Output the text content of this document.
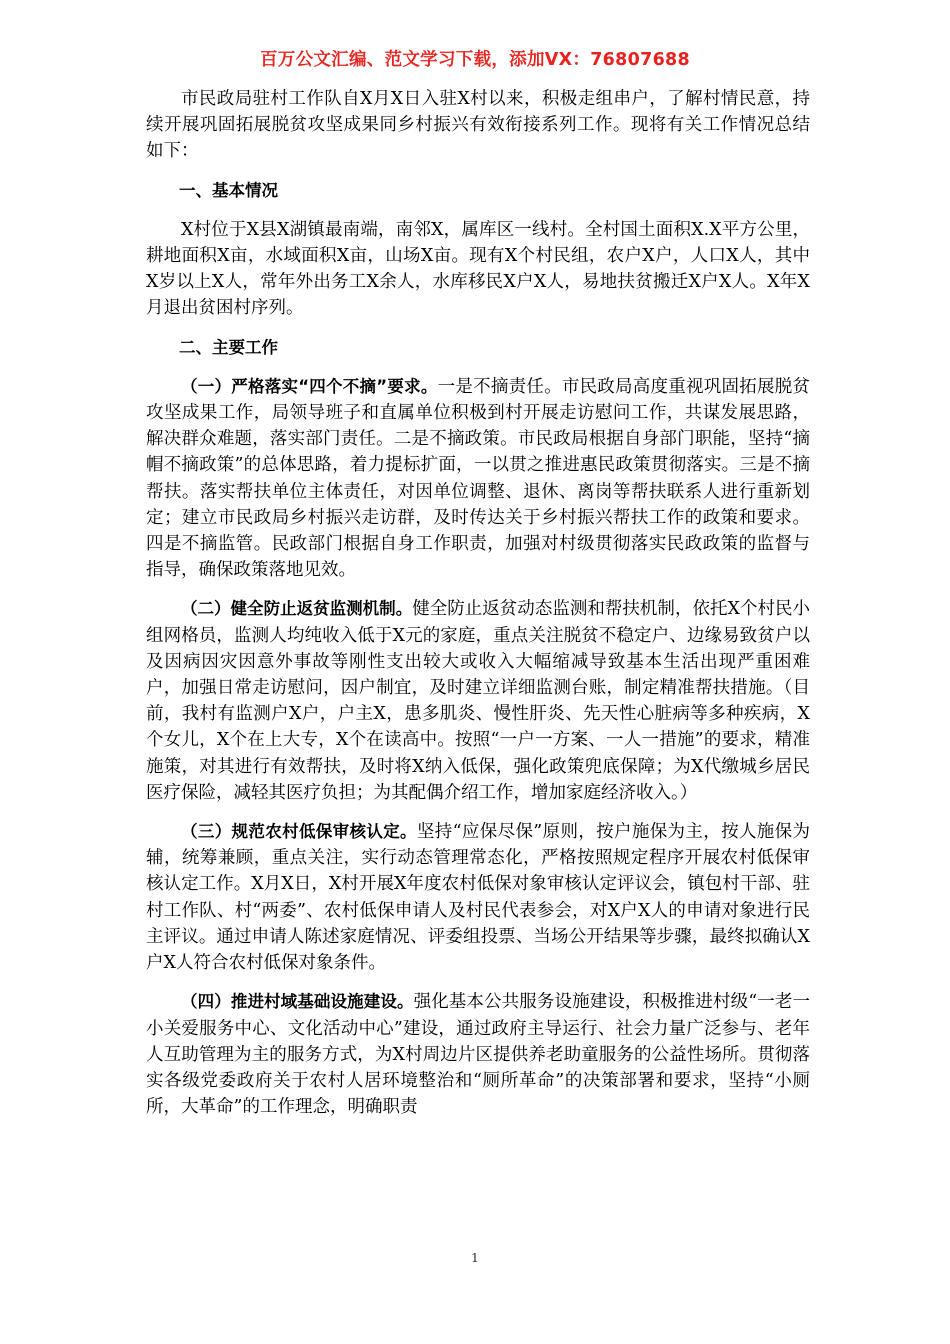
百万公文汇编、范文学习下载，添加VX：76807688

市民政局驻村工作队自X月X日入驻X村以来，积极走组串户，了解村情民意，持续开展巩固拓展脱贫攻坚成果同乡村振兴有效衔接系列工作。现将有关工作情况总结如下：

一、基本情况

X村位于X县X湖镇最南端，南邻X，属库区一线村。全村国土面积X.X平方公里，耕地面积X亩，水域面积X亩，山场X亩。现有X个村民组，农户X户，人口X人，其中X岁以上X人，常年外出务工X余人，水库移民X户X人，易地扶贫搬迁X户X人。X年X月退出贫困村序列。

二、主要工作

（一）严格落实“四个不摘”要求。一是不摘责任。市民政局高度重视巩固拓展脱贫攻坚成果工作，局领导班子和直属单位积极到村开展走访慰问工作，共谋发展思路，解决群众难题，落实部门责任。二是不摘政策。市民政局根据自身部门职能，坚持“摘帽不摘政策”的总体思路，着力提标扩面，一以贯之推进惠民政策贯彻落实。三是不摘帮扶。落实帮扶单位主体责任，对因单位调整、退休、离岗等帮扶联系人进行重新划定；建立市民政局乡村振兴走访群，及时传达关于乡村振兴帮扶工作的政策和要求。四是不摘监管。民政部门根据自身工作职责，加强对村级贯彻落实民政政策的监督与指导，确保政策落地见效。

（二）健全防止返贫监测机制。健全防止返贫动态监测和帮扶机制，依托X个村民小组网格员，监测人均纯收入低于X元的家庭，重点关注脱贫不稳定户、边缘易致贫户以及因病因灾因意外事故等刚性支出较大或收入大幅缩减导致基本生活出现严重困难户，加强日常走访慰问，因户制宜，及时建立详细监测台账，制定精准帮扶措施。（目前，我村有监测户X户，户主X，患多肌炎、慢性肝炎、先天性心脏病等多种疾病，X个女儿，X个在上大专，X个在读高中。按照“一户一方案、一人一措施”的要求，精准施策，对其进行有效帮扶，及时将X纳入低保，强化政策兜底保障；为X代缴城乡居民医疗保险，减轻其医疗负担；为其配偶介绍工作，增加家庭经济收入。）

（三）规范农村低保审核认定。坚持“应保尽保”原则，按户施保为主，按人施保为辅，统筹兼顾，重点关注，实行动态管理常态化，严格按照规定程序开展农村低保审核认定工作。X月X日，X村开展X年度农村低保对象审核认定评议会，镇包村干部、驻村工作队、村“两委”、农村低保申请人及村民代表参会，对X户X人的申请对象进行民主评议。通过申请人陈述家庭情况、评委组投票、当场公开结果等步骤，最终拟确认X户X人符合农村低保对象条件。

（四）推进村域基础设施建设。强化基本公共服务设施建设，积极推进村级“一老一小关爱服务中心、文化活动中心”建设，通过政府主导运行、社会力量广泛参与、老年人互助管理为主的服务方式，为X村周边片区提供养老助童服务的公益性场所。贯彻落实各级党委政府关于农村人居环境整治和“厕所革命”的决策部署和要求，坚持“小厕所，大革命”的工作理念，明确职责

1
